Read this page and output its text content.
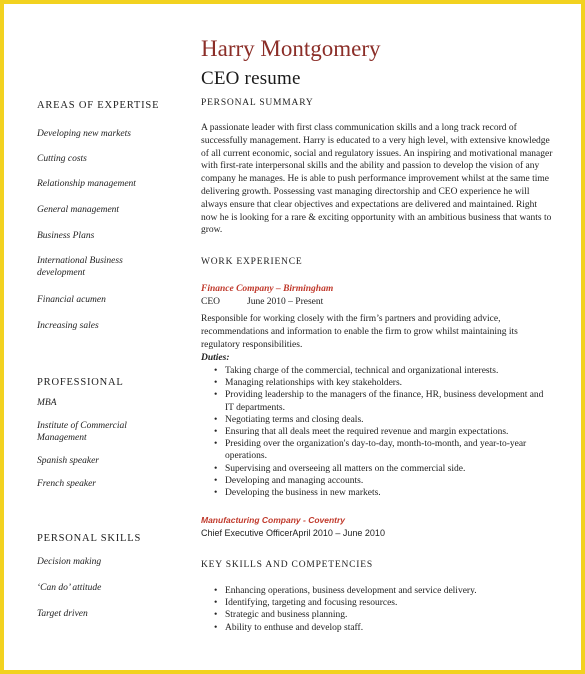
Harry Montgomery
CEO resume
AREAS OF EXPERTISE
Developing new markets
Cutting costs
Relationship management
General management
Business Plans
International Business development
Financial acumen
Increasing sales
PROFESSIONAL
MBA
Institute of Commercial Management
Spanish speaker
French speaker
PERSONAL SKILLS
Decision making
‘Can do’ attitude
Target driven
PERSONAL SUMMARY
A passionate leader with first class communication skills and a long track record of successfully management. Harry is educated to a very high level, with extensive knowledge of all current economic, social and regulatory issues. An inspiring and motivational manager with first-rate interpersonal skills and the ability and passion to develop the vision of any company he manages. He is able to push performance improvement whilst at the same time delivering growth. Possessing vast managing directorship and CEO experience he will always ensure that clear objectives and expectations are delivered and maintained. Right now he is looking for a rare & exciting opportunity with an ambitious business that wants to grow.
WORK EXPERIENCE
Finance Company – Birmingham
CEO	June 2010 – Present
Responsible for working closely with the firm’s partners and providing advice, recommendations and information to enable the firm to grow whilst maintaining its regulatory responsibilities.
Duties:
• Taking charge of the commercial, technical and organizational interests.
• Managing relationships with key stakeholders.
• Providing leadership to the managers of the finance, HR, business development and IT departments.
• Negotiating terms and closing deals.
• Ensuring that all deals meet the required revenue and margin expectations.
• Presiding over the organization's day-to-day, month-to-month, and year-to-year operations.
• Supervising and overseeing all matters on the commercial side.
• Developing and managing accounts.
• Developing the business in new markets.
Manufacturing Company - Coventry
Chief Executive OfficerApril 2010 – June 2010
KEY SKILLS AND COMPETENCIES
• Enhancing operations, business development and service delivery.
• Identifying, targeting and focusing resources.
• Strategic and business planning.
• Ability to enthuse and develop staff.
